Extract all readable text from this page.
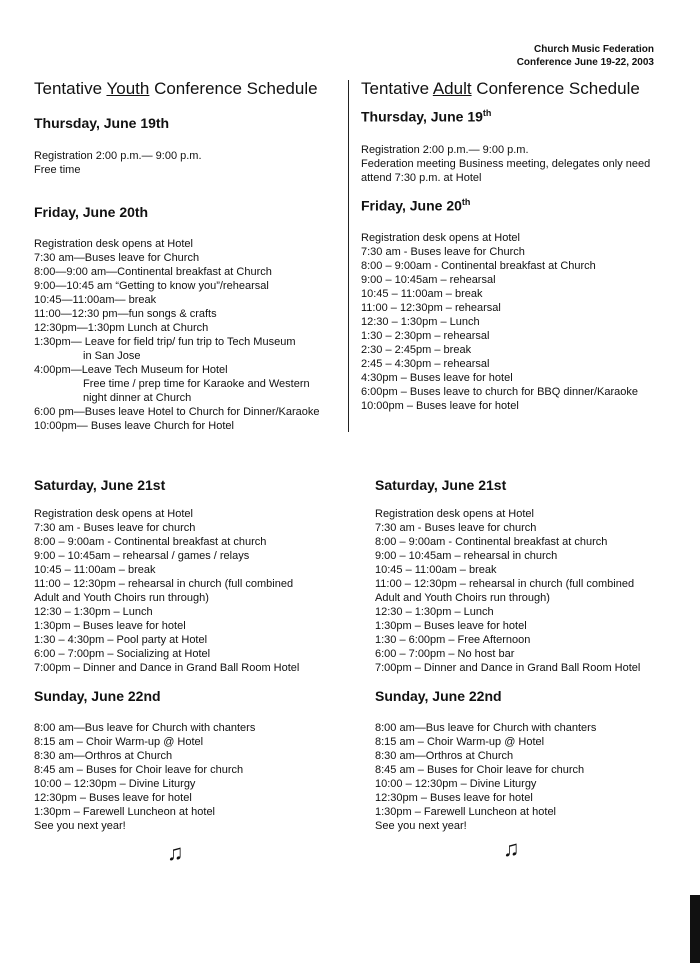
Church Music Federation
Conference June 19-22, 2003
Tentative Youth Conference Schedule
Thursday, June 19th
Registration 2:00 p.m.— 9:00 p.m.
Free time
Friday, June 20th
Registration desk opens at Hotel
7:30 am—Buses leave for Church
8:00—9:00 am—Continental breakfast at Church
9:00—10:45 am “Getting to know you”/rehearsal
10:45—11:00am— break
11:00—12:30 pm—fun songs & crafts
12:30pm—1:30pm Lunch at Church
1:30pm— Leave for field trip/ fun trip to Tech Museum
in San Jose
4:00pm—Leave Tech Museum for Hotel
Free time / prep time for Karaoke and Western
night dinner at Church
6:00 pm—Buses leave Hotel to Church for Dinner/Karaoke
10:00pm— Buses leave Church for Hotel
Saturday, June 21st
Registration desk opens at Hotel
7:30 am - Buses leave for church
8:00 – 9:00am - Continental breakfast at church
9:00 – 10:45am – rehearsal / games / relays
10:45 – 11:00am – break
11:00 – 12:30pm – rehearsal in church (full combined
Adult and Youth Choirs run through)
12:30 – 1:30pm – Lunch
1:30pm – Buses leave for hotel
1:30 – 4:30pm – Pool party at Hotel
6:00 – 7:00pm – Socializing at Hotel
7:00pm – Dinner and Dance in Grand Ball Room Hotel
Sunday, June 22nd
8:00 am—Bus leave for Church with chanters
8:15 am – Choir Warm-up @ Hotel
8:30 am—Orthros at Church
8:45 am – Buses for Choir leave for church
10:00 – 12:30pm – Divine Liturgy
12:30pm – Buses leave for hotel
1:30pm – Farewell Luncheon at hotel
See you next year!
♫
Tentative Adult Conference Schedule
Thursday, June 19th
Registration 2:00 p.m.— 9:00 p.m.
Federation meeting Business meeting, delegates only need
attend 7:30 p.m. at Hotel
Friday, June 20th
Registration desk opens at Hotel
7:30 am - Buses leave for Church
8:00 – 9:00am - Continental breakfast at Church
9:00 – 10:45am – rehearsal
10:45 – 11:00am – break
11:00 – 12:30pm – rehearsal
12:30 – 1:30pm – Lunch
1:30 – 2:30pm – rehearsal
2:30 – 2:45pm – break
2:45 – 4:30pm – rehearsal
4:30pm – Buses leave for hotel
6:00pm – Buses leave to church for BBQ dinner/Karaoke
10:00pm – Buses leave for hotel
Saturday, June 21st
Registration desk opens at Hotel
7:30 am - Buses leave for church
8:00 – 9:00am - Continental breakfast at church
9:00 – 10:45am – rehearsal in church
10:45 – 11:00am – break
11:00 – 12:30pm – rehearsal in church (full combined
Adult and Youth Choirs run through)
12:30 – 1:30pm – Lunch
1:30pm – Buses leave for hotel
1:30 – 6:00pm – Free Afternoon
6:00 – 7:00pm – No host bar
7:00pm – Dinner and Dance in Grand Ball Room Hotel
Sunday, June 22nd
8:00 am—Bus leave for Church with chanters
8:15 am – Choir Warm-up @ Hotel
8:30 am—Orthros at Church
8:45 am – Buses for Choir leave for church
10:00 – 12:30pm – Divine Liturgy
12:30pm – Buses leave for hotel
1:30pm – Farewell Luncheon at hotel
See you next year!
♫
